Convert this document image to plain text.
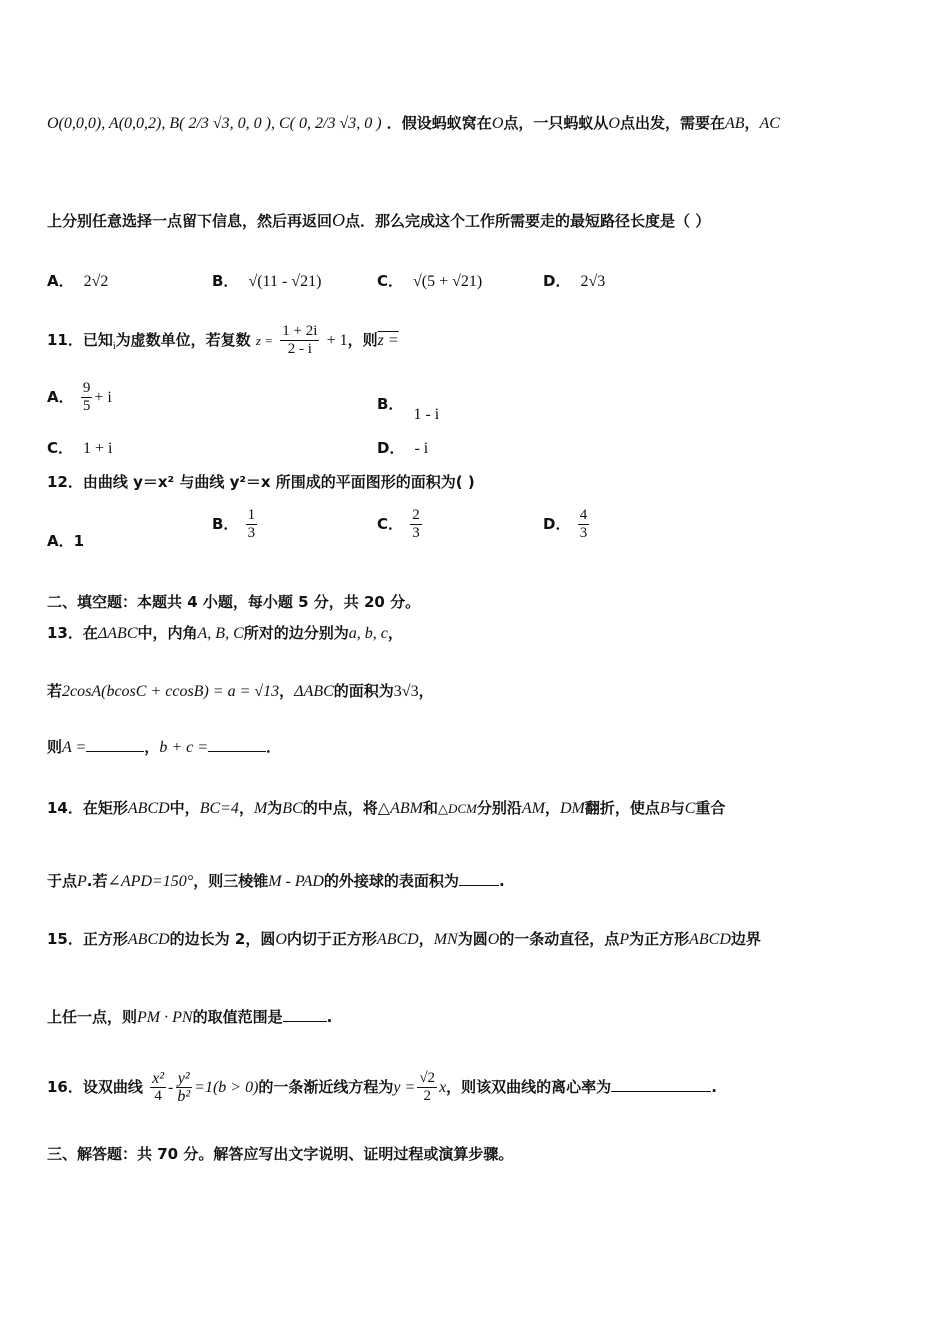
O(0,0,0), A(0,0,2), B( 2/3 √3, 0, 0 ), C( 0, 2/3 √3, 0 ) ．假设蚂蚁窝在O点，一只蚂蚁从O点出发，需要在AB，AC
上分别任意选择一点留下信息，然后再返回O点．那么完成这个工作所需要走的最短路径长度是（ ）
A． 2√2	B． √(11 - √21)	C． √(5 + √21)	D． 2√3
11．已知$_i$为虚数单位，若复数 $z = \frac{1 + 2i}{2 - i} + 1$，则z =
A． $\frac{9}{5} + i$	B．1 - i
C． 1 + i	D． - i
12．由曲线 y＝x² 与曲线 y²＝x 所围成的平面图形的面积为( )
A．1
B． $\frac{1}{3}$	C． $\frac{2}{3}$	D． $\frac{4}{3}$
二、填空题：本题共 4 小题，每小题 5 分，共 20 分。
13．在ΔABC中，内角A, B, C所对的边分别为a, b, c，
若2cosA(bcosC + ccosB) = a = √13，ΔABC的面积为3√3，
则A =	，b + c =	．
14．在矩形ABCD中，BC=4，M为BC的中点，将△ABM和△DCM分别沿AM，DM翻折，使点B与C重合
于点P.若∠APD=150°，则三棱锥M - PAD的外接球的表面积为	.
15．正方形ABCD的边长为 2，圆O内切于正方形ABCD，MN为圆O的一条动直径，点P为正方形ABCD边界
上任一点，则PM · PN的取值范围是	.
16．设双曲线 $\frac{\text{x²}}{4} - \frac{\text{y²}}{\text{b²}} =1(b > 0)$的一条渐近线方程为$y = \frac{√2}{2}$ x，则该双曲线的离心率为	.
三、解答题：共 70 分。解答应写出文字说明、证明过程或演算步骤。
